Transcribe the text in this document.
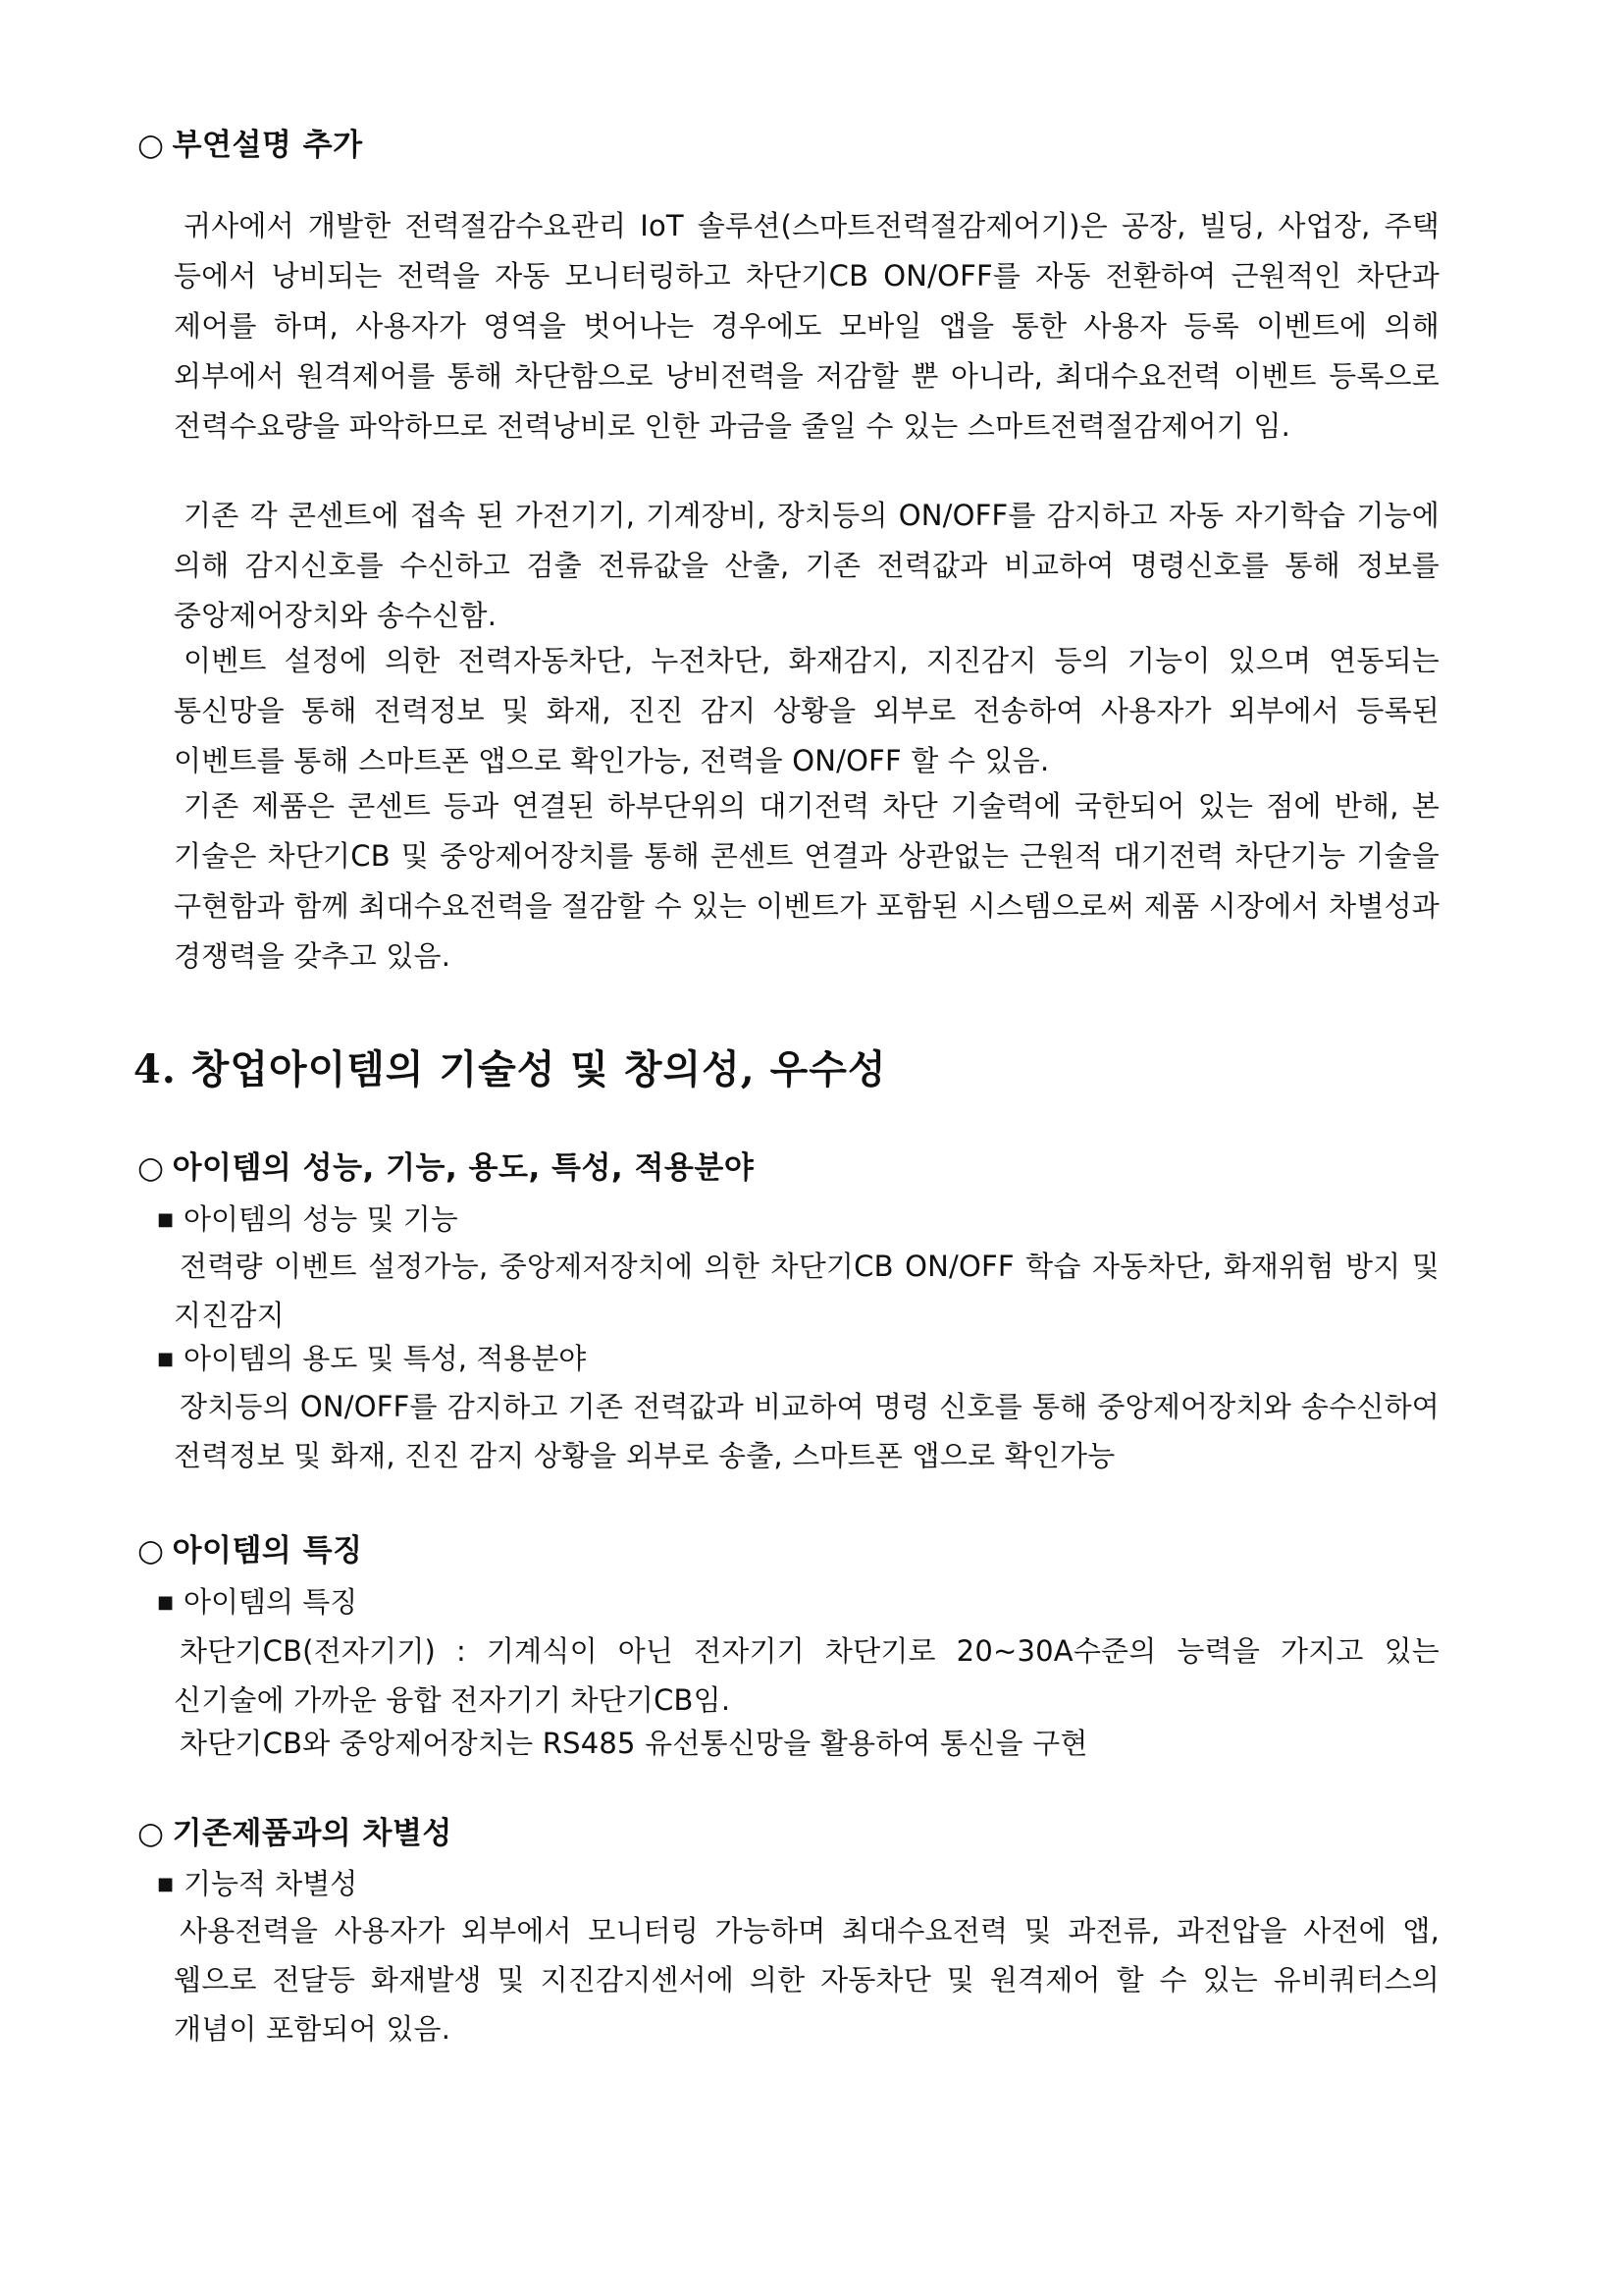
○ 부연설명 추가

귀사에서 개발한 전력절감수요관리 IoT 솔루션(스마트전력절감제어기)은 공장, 빌딩, 사업장, 주택 등에서 낭비되는 전력을 자동 모니터링하고 차단기CB ON/OFF를 자동 전환하여 근원적인 차단과 제어를 하며, 사용자가 영역을 벗어나는 경우에도 모바일 앱을 통한 사용자 등록 이벤트에 의해 외부에서 원격제어를 통해 차단함으로 낭비전력을 저감할 뿐 아니라, 최대수요전력 이벤트 등록으로 전력수요량을 파악하므로 전력낭비로 인한 과금을 줄일 수 있는 스마트전력절감제어기 임.

기존 각 콘센트에 접속 된 가전기기, 기계장비, 장치등의 ON/OFF를 감지하고 자동 자기학습 기능에 의해 감지신호를 수신하고 검출 전류값을 산출, 기존 전력값과 비교하여 명령신호를 통해 정보를 중앙제어장치와 송수신함.

이벤트 설정에 의한 전력자동차단, 누전차단, 화재감지, 지진감지 등의 기능이 있으며 연동되는 통신망을 통해 전력정보 및 화재, 진진 감지 상황을 외부로 전송하여 사용자가 외부에서 등록된 이벤트를 통해 스마트폰 앱으로 확인가능, 전력을 ON/OFF 할 수 있음.

기존 제품은 콘센트 등과 연결된 하부단위의 대기전력 차단 기술력에 국한되어 있는 점에 반해, 본 기술은 차단기CB 및 중앙제어장치를 통해 콘센트 연결과 상관없는 근원적 대기전력 차단기능 기술을 구현함과 함께 최대수요전력을 절감할 수 있는 이벤트가 포함된 시스템으로써 제품 시장에서 차별성과 경쟁력을 갖추고 있음.

4. 창업아이템의 기술성 및 창의성, 우수성
○ 아이템의 성능, 기능, 용도, 특성, 적용분야
■ 아이템의 성능 및 기능

전력량 이벤트 설정가능, 중앙제저장치에 의한 차단기CB ON/OFF 학습 자동차단, 화재위험 방지 및 지진감지

■ 아이템의 용도 및 특성, 적용분야

장치등의 ON/OFF를 감지하고 기존 전력값과 비교하여 명령 신호를 통해 중앙제어장치와 송수신하여 전력정보 및 화재, 진진 감지 상황을 외부로 송출, 스마트폰 앱으로 확인가능

○ 아이템의 특징
■ 아이템의 특징

차단기CB(전자기기) : 기계식이 아닌 전자기기 차단기로 20~30A수준의 능력을 가지고 있는 신기술에 가까운 융합 전자기기 차단기CB임.

차단기CB와 중앙제어장치는 RS485 유선통신망을 활용하여 통신을 구현

○ 기존제품과의 차별성
■ 기능적 차별성

사용전력을 사용자가 외부에서 모니터링 가능하며 최대수요전력 및 과전류, 과전압을 사전에 앱, 웹으로 전달등 화재발생 및 지진감지센서에 의한 자동차단 및 원격제어 할 수 있는 유비쿼터스의 개념이 포함되어 있음.
